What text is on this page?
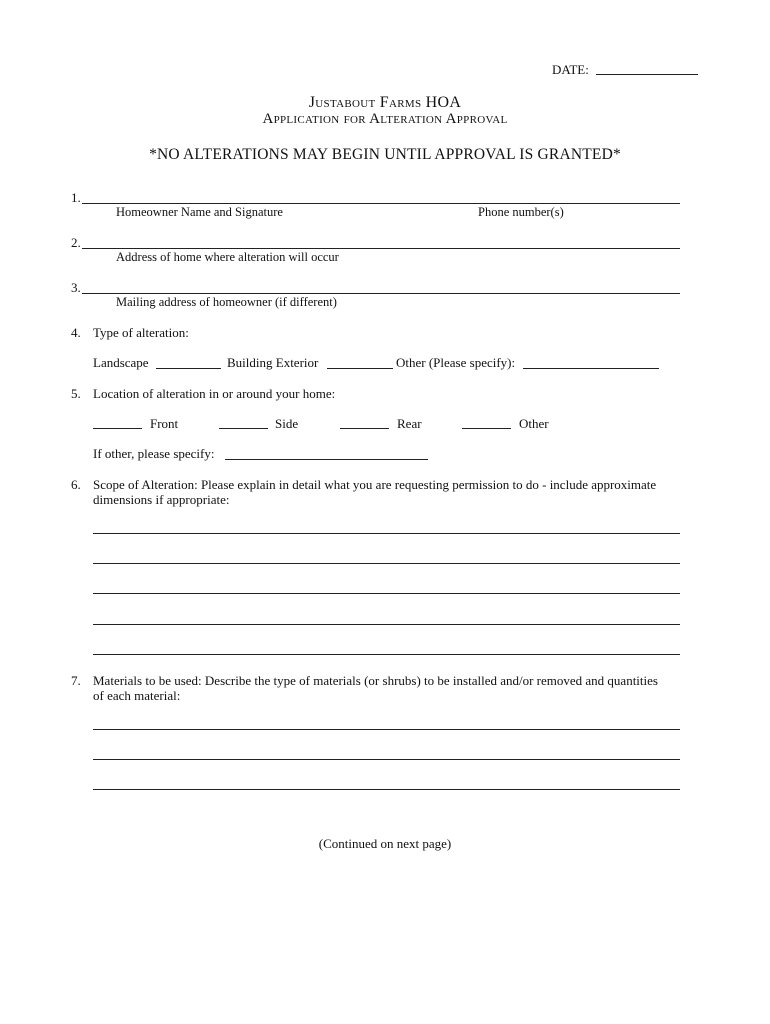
DATE:
Justabout Farms HOA
Application for Alteration Approval
*NO ALTERATIONS MAY BEGIN UNTIL APPROVAL IS GRANTED*
1.
Homeowner Name and Signature	Phone number(s)
2.
Address of home where alteration will occur
3.
Mailing address of homeowner (if different)
4. Type of alteration:
Landscape	Building Exterior	Other (Please specify):
5. Location of alteration in or around your home:
Front	Side	Rear	Other
If other, please specify:
6. Scope of Alteration: Please explain in detail what you are requesting permission to do - include approximate
dimensions if appropriate:
7. Materials to be used: Describe the type of materials (or shrubs) to be installed and/or removed and quantities
of each material:
(Continued on next page)
